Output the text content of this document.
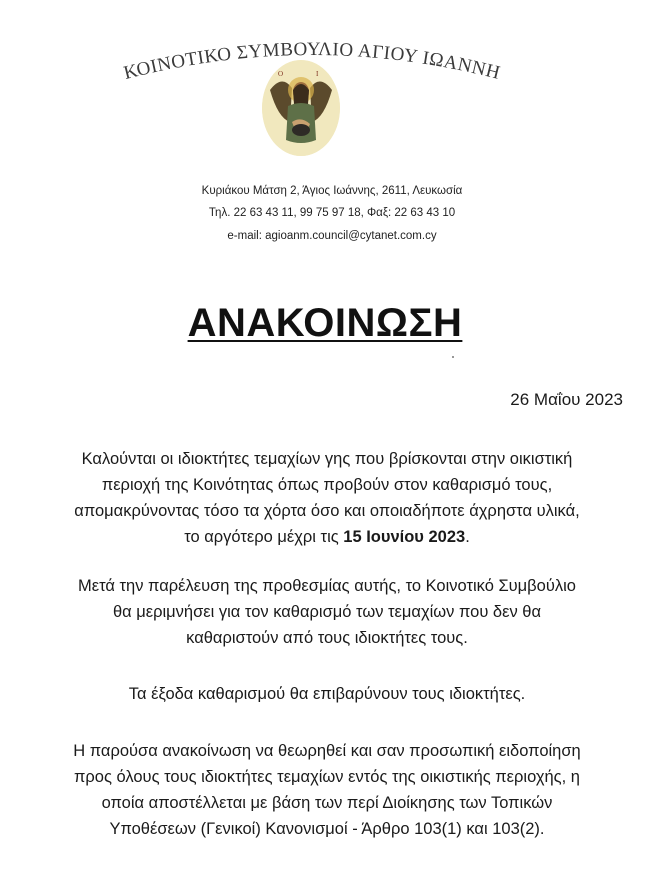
ΚΟΙΝΟΤΙΚΟ ΣΥΜΒΟΥΛΙΟ ΑΓΙΟΥ ΙΩΑΝΝΗ
Ο	Ι
Κυριάκου Μάτση 2, Άγιος Ιωάννης, 2611, Λευκωσία
Τηλ. 22 63 43 11, 99 75 97 18, Φαξ: 22 63 43 10
e-mail: agioanm.council@cytanet.com.cy
ΑΝΑΚΟΙΝΩΣΗ
26 Μαΐου 2023
Καλούνται οι ιδιοκτήτες τεμαχίων γης που βρίσκονται στην οικιστική
περιοχή της Κοινότητας όπως προβούν στον καθαρισμό τους,
απομακρύνοντας τόσο τα χόρτα όσο και οποιαδήποτε άχρηστα υλικά,
το αργότερο μέχρι τις 15 Ιουνίου 2023.
Μετά την παρέλευση της προθεσμίας αυτής, το Κοινοτικό Συμβούλιο
θα μεριμνήσει για τον καθαρισμό των τεμαχίων που δεν θα
καθαριστούν από τους ιδιοκτήτες τους.
Τα έξοδα καθαρισμού θα επιβαρύνουν τους ιδιοκτήτες.
Η παρούσα ανακοίνωση να θεωρηθεί και σαν προσωπική ειδοποίηση
προς όλους τους ιδιοκτήτες τεμαχίων εντός της οικιστικής περιοχής, η
οποία αποστέλλεται με βάση των περί Διοίκησης των Τοπικών
Υποθέσεων (Γενικοί) Κανονισμοί - Άρθρο 103(1) και 103(2).
